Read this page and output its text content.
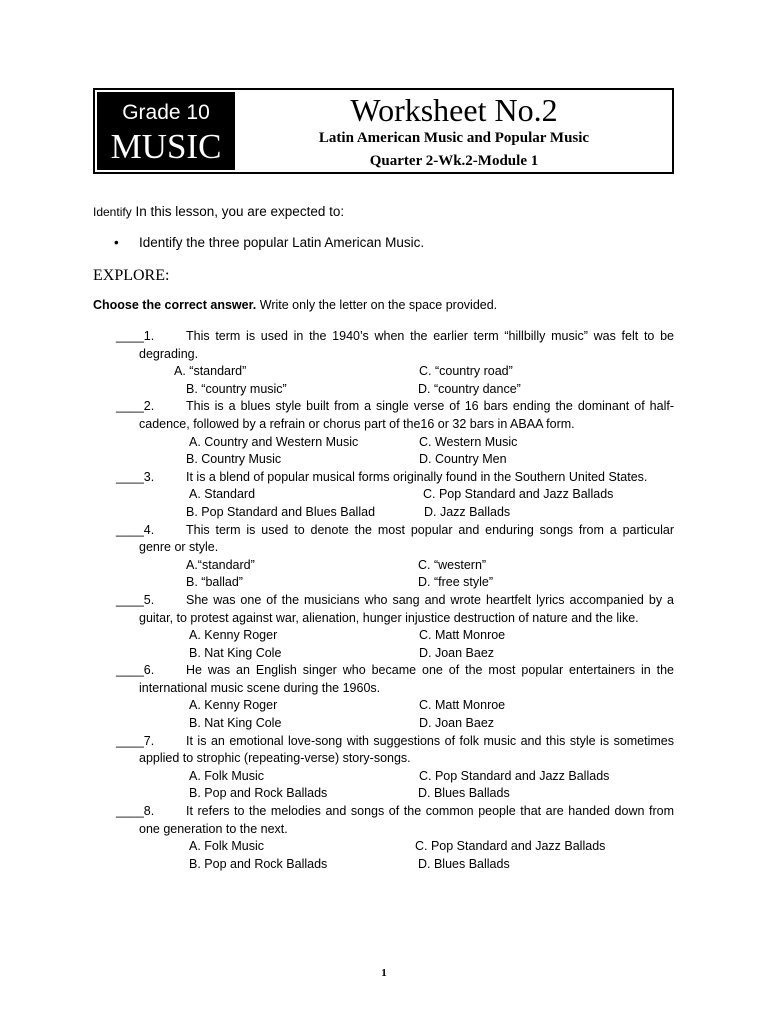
Grade 10
MUSIC
Worksheet No.2
Latin American Music and Popular Music
Quarter 2-Wk.2-Module 1
Identify In this lesson, you are expected to:
• Identify the three popular Latin American Music.
EXPLORE:
Choose the correct answer. Write only the letter on the space provided.
____1.	This term is used in the 1940’s when the earlier term “hillbilly music” was felt to be degrading.
A. “standard”	C. “country road”
B. “country music”	D. “country dance”
____2.	This is a blues style built from a single verse of 16 bars ending the dominant of half-cadence, followed by a refrain or chorus part of the16 or 32 bars in ABAA form.
A. Country and Western Music	C. Western Music
B. Country Music	D. Country Men
____3.	It is a blend of popular musical forms originally found in the Southern United States.
A. Standard	C. Pop Standard and Jazz Ballads
B. Pop Standard and Blues Ballad	D. Jazz Ballads
____4.	This term is used to denote the most popular and enduring songs from a particular genre or style.
A.“standard”	C. “western”
B. “ballad”	D. “free style”
____5.	She was one of the musicians who sang and wrote heartfelt lyrics accompanied by a guitar, to protest against war, alienation, hunger injustice destruction of nature and the like.
A. Kenny Roger	C. Matt Monroe
B. Nat King Cole	D. Joan Baez
____6.	He was an English singer who became one of the most popular entertainers in the international music scene during the 1960s.
A. Kenny Roger	C. Matt Monroe
B. Nat King Cole	D. Joan Baez
____7.	It is an emotional love-song with suggestions of folk music and this style is sometimes applied to strophic (repeating-verse) story-songs.
A. Folk Music	C. Pop Standard and Jazz Ballads
B. Pop and Rock Ballads	D. Blues Ballads
____8.	It refers to the melodies and songs of the common people that are handed down from one generation to the next.
A. Folk Music	C. Pop Standard and Jazz Ballads
B. Pop and Rock Ballads	D. Blues Ballads
1
